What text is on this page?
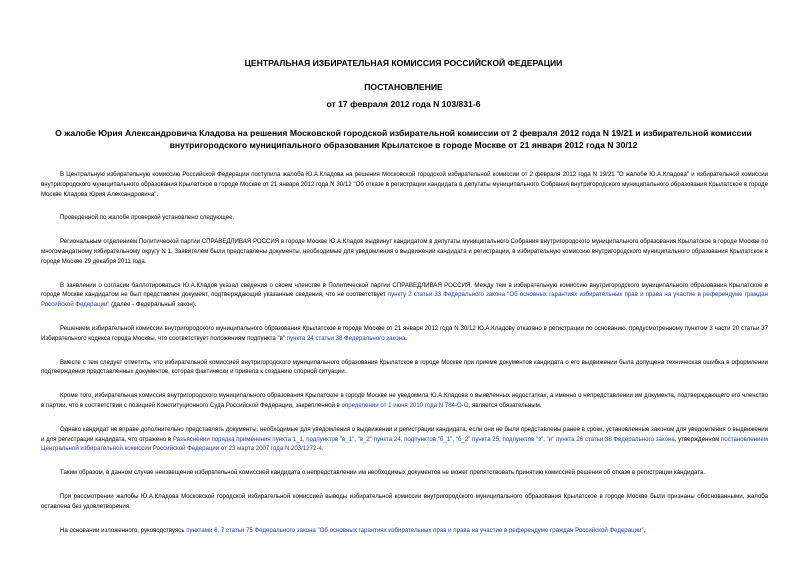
ЦЕНТРАЛЬНАЯ ИЗБИРАТЕЛЬНАЯ КОМИССИЯ РОССИЙСКОЙ ФЕДЕРАЦИИ
ПОСТАНОВЛЕНИЕ
от 17 февраля 2012 года N 103/831-6
О жалобе Юрия Александровича Кладова на решения Московской городской избирательной комиссии от 2 февраля 2012 года N 19/21 и избирательной комиссии внутригородского муниципального образования Крылатское в городе Москве от 21 января 2012 года N 30/12

В Центральную избирательную комиссию Российской Федерации поступила жалоба Ю.А.Кладова на решения Московской городской избирательной комиссии от 2 февраля 2012 года N 19/21 "О жалобе Ю.А.Кладова" и избирательной комиссии внутригородского муниципального образования Крылатское в городе Москве от 21 января 2012 года N 30/12 "Об отказе в регистрации кандидата в депутаты муниципального Собрания внутригородского муниципального образования Крылатское в городе Москве Кладова Юрия Александровича".

Проведенной по жалобе проверкой установлено следующее.

Региональным отделением Политической партии СПРАВЕДЛИВАЯ РОССИЯ в городе Москве Ю.А.Кладов выдвинут кандидатом в депутаты муниципального Собрания внутригородского муниципального образования Крылатское в городе Москве по многомандатному избирательному округу N 1. Заявителем были представлены документы, необходимые для уведомления о выдвижении кандидата и регистрации, в избирательную комиссию внутригородского муниципального образования Крылатское в городе Москве 29 декабря 2011 года.

В заявлении о согласии баллотироваться Ю.А.Кладов указал сведения о своем членстве в Политической партии СПРАВЕДЛИВАЯ РОССИЯ. Между тем в избирательную комиссию внутригородского муниципального образования Крылатское в городе Москве кандидатом не был представлен документ, подтверждающий указанные сведения, что не соответствует пункту 2 статьи 33 Федерального закона "Об основных гарантиях избирательных прав и права на участие в референдуме граждан Российской Федерации" (далее - Федеральный закон).

Решением избирательной комиссии внутригородского муниципального образования Крылатское в городе Москве от 21 января 2012 года N 30/12 Ю.А.Кладову отказано в регистрации по основанию, предусмотренному пунктом 3 части 20 статьи 37 Избирательного кодекса города Москвы, что соответствует положениям подпункта "в" пункта 24 статьи 38 Федерального закона.

Вместе с тем следует отметить, что избирательной комиссией внутригородского муниципального образования Крылатское в городе Москве при приеме документов кандидата о его выдвижении была допущена техническая ошибка в оформлении подтверждения представленных документов, которая фактически и привела к созданию спорной ситуации.

Кроме того, избирательная комиссия внутригородского муниципального образования Крылатское в городе Москве не уведомила Ю.А.Кладова о выявленных недостатках, а именно о непредставлении им документа, подтверждающего его членство в партии, что в соответствии с позицией Конституционного Суда Российской Федерации, закрепленной в определении от 1 июня 2010 года N 784-О-О, является обязательным.

Однако кандидат не вправе дополнительно представлять документы, необходимые для уведомления о выдвижении и регистрации кандидата, если они не были представлены ранее в сроки, установленные законом для уведомления о выдвижении и для регистрации кандидата, что отражено в Разъяснении порядка применения пункта 1_1, подпунктов "в_1", "в_2" пункта 24, подпунктов "б_1", "б_2" пункта 25, подпунктов "з", "и" пункта 26 статьи 38 Федерального закона, утвержденном постановлением Центральной избирательной комиссии Российской Федерации от 23 марта 2007 года N 203/1272-4.

Таким образом, в данном случае неизвещение избирательной комиссией кандидата о непредставлении им необходимых документов не может препятствовать принятию комиссией решения об отказе в регистрации кандидата.

При рассмотрении жалобы Ю.А.Кладова Московской городской избирательной комиссией выводы избирательной комиссии внутригородского муниципального образования Крылатское в городе Москве были признаны обоснованными, жалоба оставлена без удовлетворения.

На основании изложенного, руководствуясь пунктами 6, 7 статьи 75 Федерального закона "Об основных гарантиях избирательных прав и права на участие в референдуме граждан Российской Федерации",
